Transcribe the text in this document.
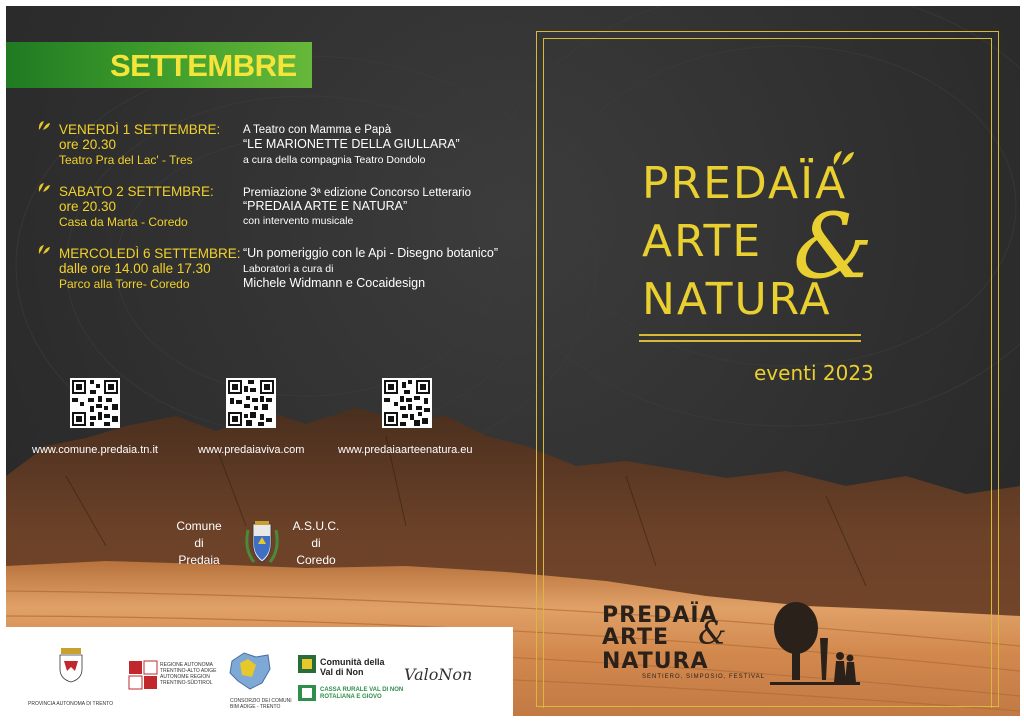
SETTEMBRE
VENERDÌ 1 SETTEMBRE:
ore 20.30
Teatro Pra del Lac' - Tres
A Teatro con Mamma e Papà
“LE MARIONETTE DELLA GIULLARA”
a cura della compagnia Teatro Dondolo
SABATO 2 SETTEMBRE:
ore 20.30
Casa da Marta - Coredo
Premiazione 3ª edizione Concorso Letterario
“PREDAIA ARTE E NATURA”
con intervento musicale
MERCOLEDÌ 6 SETTEMBRE:
dalle ore 14.00 alle 17.30
Parco alla Torre- Coredo
“Un pomeriggio con le Api - Disegno botanico”
Laboratori a cura di
Michele Widmann e Cocaidesign
www.comune.predaia.tn.it	www.predaiaviva.com	www.predaiaarteenatura.eu
Comune
di
Predaia
A.S.U.C.
di
Coredo
PREDAÏA
ARTE &
NATURA
eventi 2023
PREDAÏA
ARTE
NATURA
&
SENTIERO, SIMPOSIO, FESTIVAL
PROVINCIA AUTONOMA DI TRENTO
REGIONE AUTONOMA
TRENTINO-ALTO ADIGE
AUTONOME REGION
TRENTINO-SÜDTIROL
CONSORZIO DEI COMUNI
BIM ADIGE - TRENTO
Comunità della
Val di Non
CASSA RURALE VAL DI NON
ROTALIANA E GIOVO
ValoNon
